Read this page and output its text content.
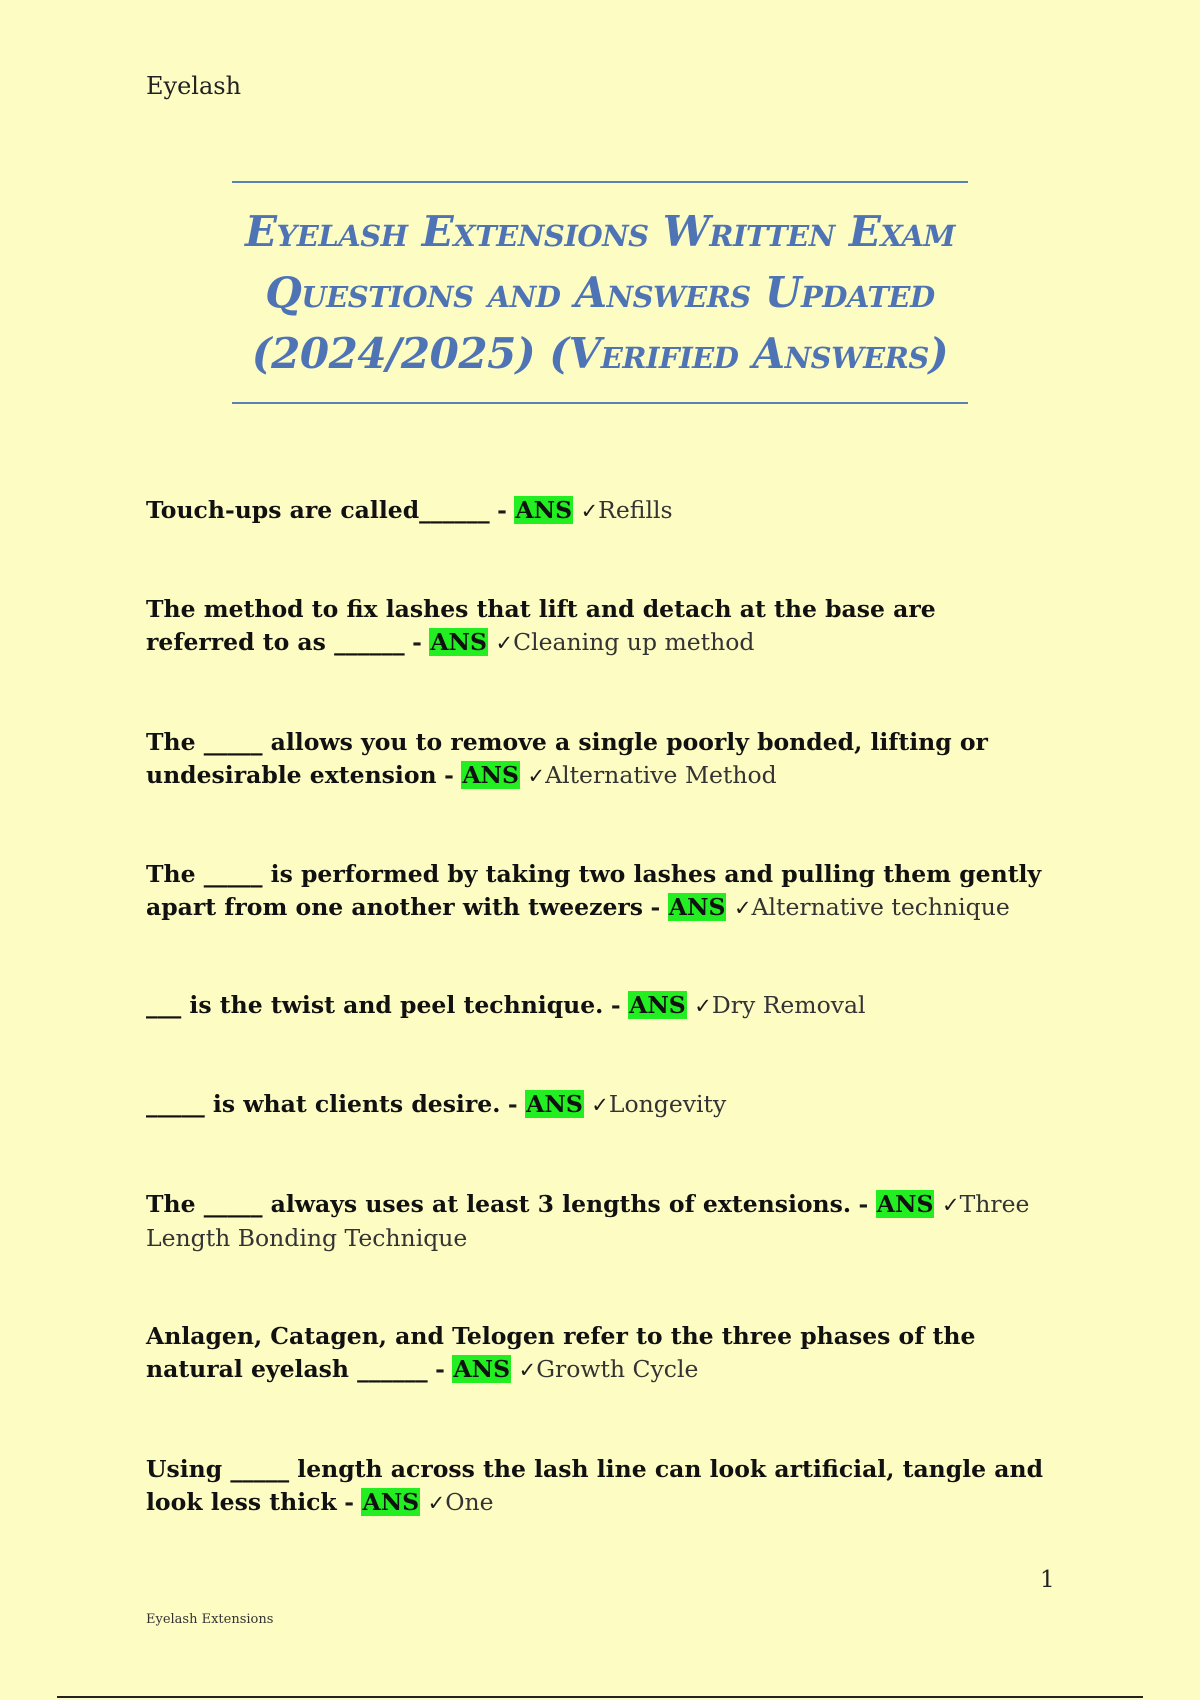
Eyelash
Eyelash Extensions Written Exam
Questions and Answers Updated
(2024/2025) (Verified Answers)
Touch-ups are called______ - ANS ✓Refills
The method to fix lashes that lift and detach at the base are referred to as ______ - ANS ✓Cleaning up method
The _____ allows you to remove a single poorly bonded, lifting or undesirable extension - ANS ✓Alternative Method
The _____ is performed by taking two lashes and pulling them gently apart from one another with tweezers - ANS ✓Alternative technique
___ is the twist and peel technique. - ANS ✓Dry Removal
_____ is what clients desire. - ANS ✓Longevity
The _____ always uses at least 3 lengths of extensions. - ANS ✓Three Length Bonding Technique
Anlagen, Catagen, and Telogen refer to the three phases of the natural eyelash ______ - ANS ✓Growth Cycle
Using _____ length across the lash line can look artificial, tangle and look less thick - ANS ✓One
1
Eyelash Extensions
